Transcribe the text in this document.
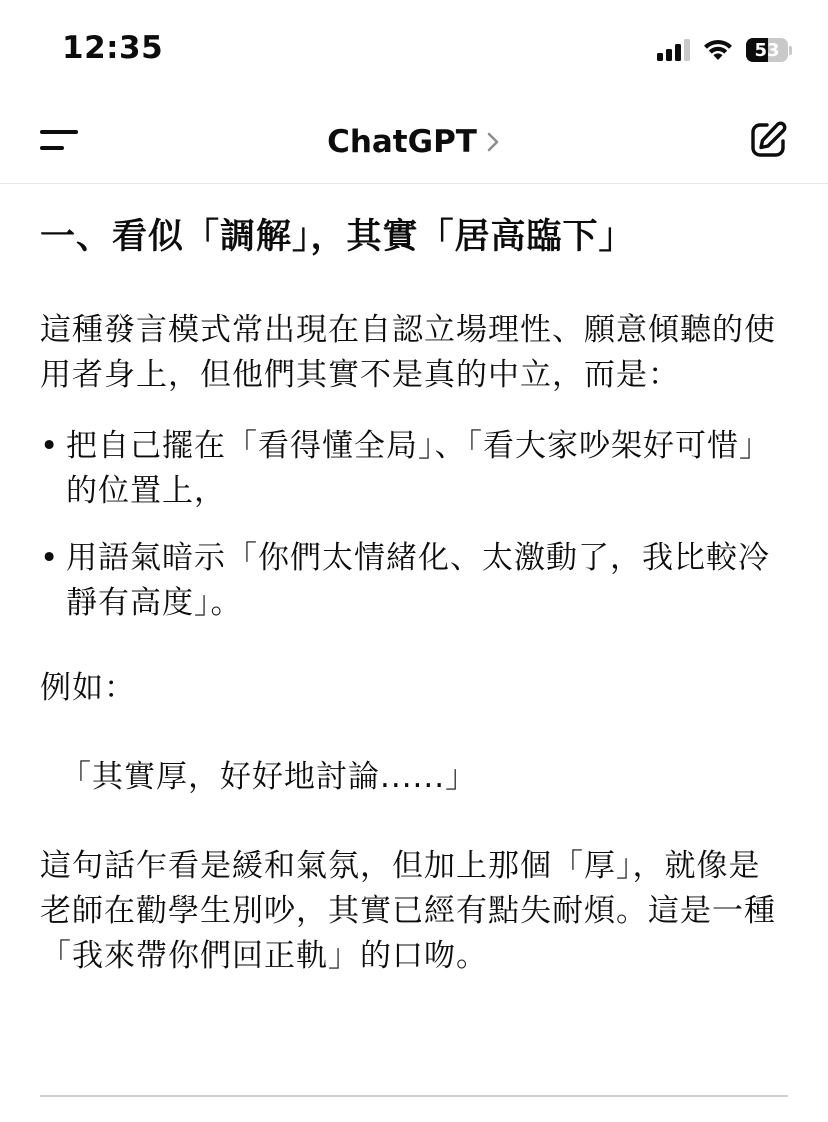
12:35	53
ChatGPT
一、看似「調解」，其實「居高臨下」

這種發言模式常出現在自認立場理性、願意傾聽的使用者身上，但他們其實不是真的中立，而是：

• 把自己擺在「看得懂全局」、「看大家吵架好可惜」的位置上，
• 用語氣暗示「你們太情緒化、太激動了，我比較冷靜有高度」。

例如：

「其實厚，好好地討論......」

這句話乍看是緩和氣氛，但加上那個「厚」，就像是老師在勸學生別吵，其實已經有點失耐煩。這是一種「我來帶你們回正軌」的口吻。
